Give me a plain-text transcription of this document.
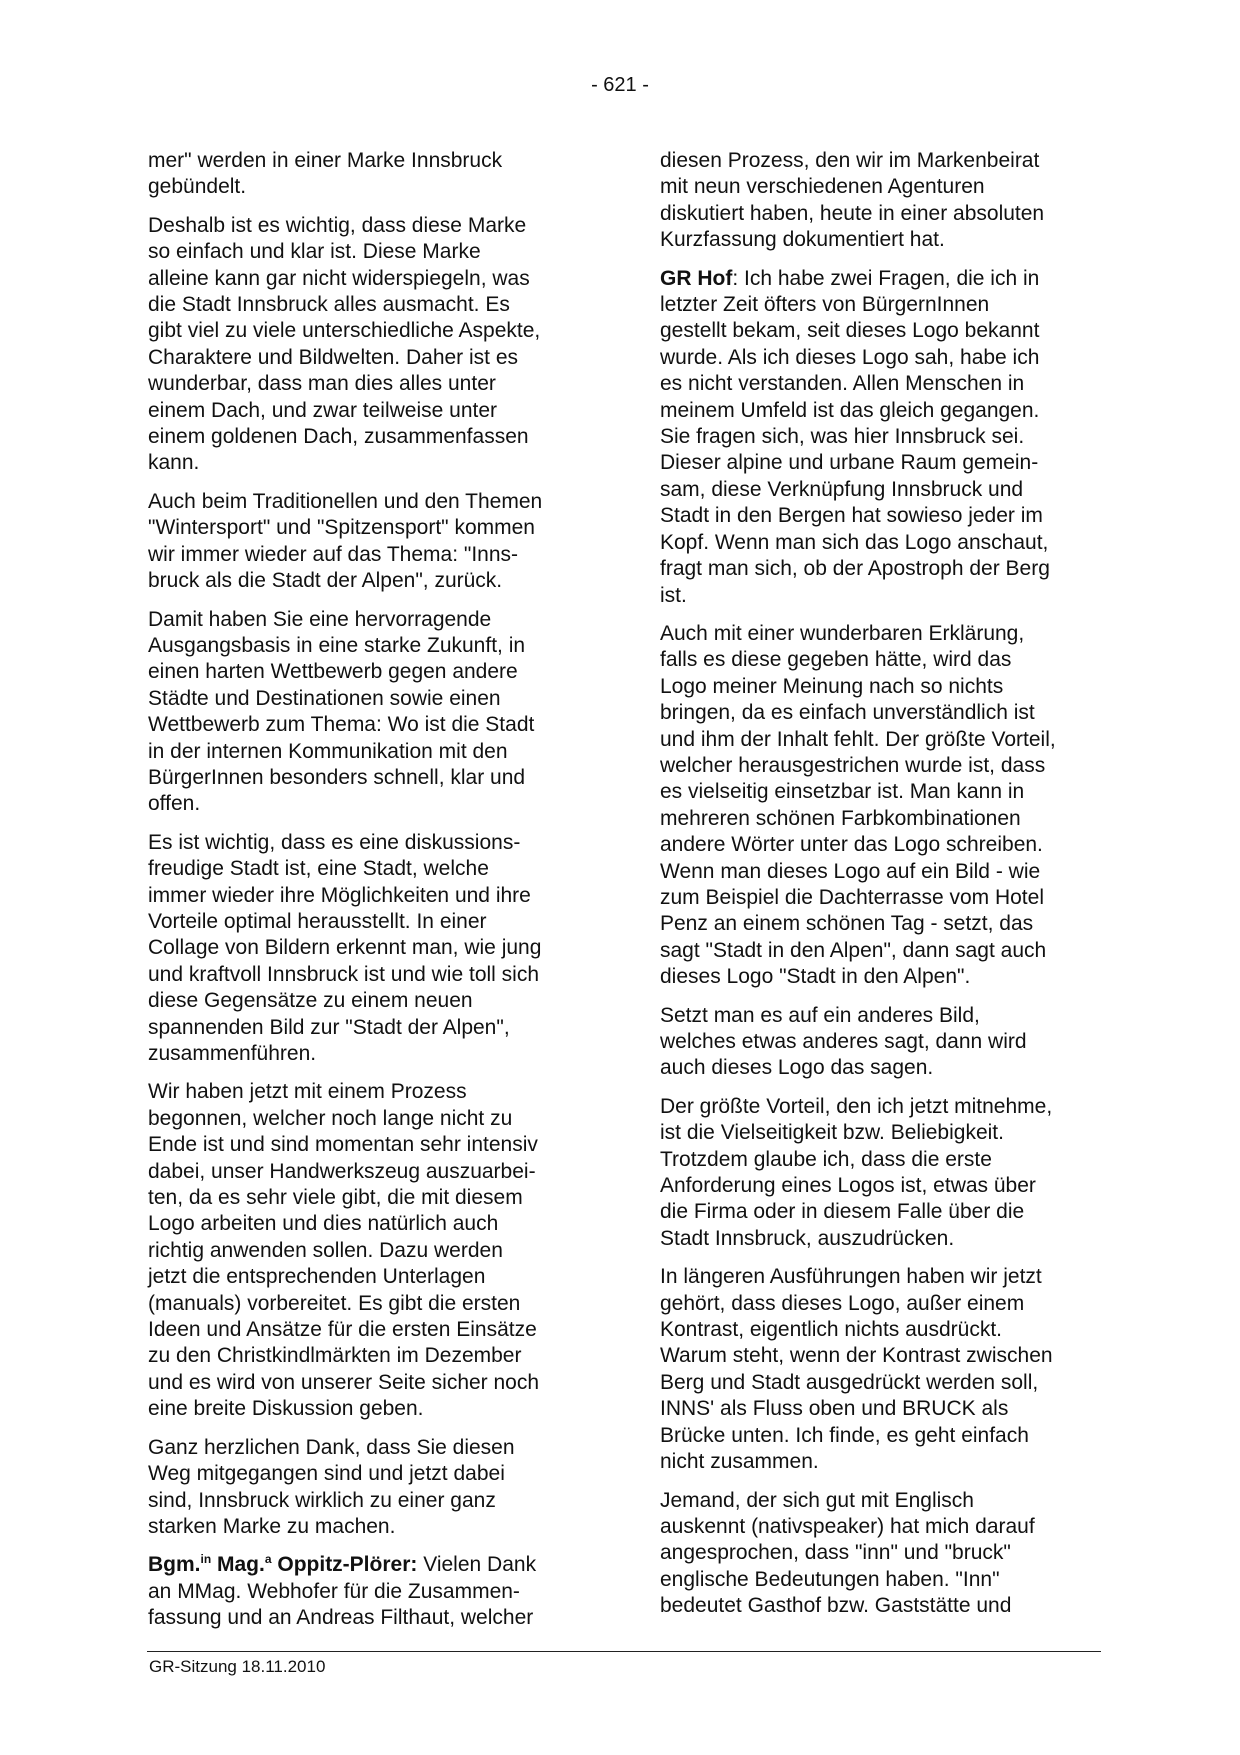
- 621 -

mer" werden in einer Marke Innsbruck
gebündelt.

Deshalb ist es wichtig, dass diese Marke
so einfach und klar ist. Diese Marke
alleine kann gar nicht widerspiegeln, was
die Stadt Innsbruck alles ausmacht. Es
gibt viel zu viele unterschiedliche Aspekte,
Charaktere und Bildwelten. Daher ist es
wunderbar, dass man dies alles unter
einem Dach, und zwar teilweise unter
einem goldenen Dach, zusammenfassen
kann.

Auch beim Traditionellen und den Themen
"Wintersport" und "Spitzensport" kommen
wir immer wieder auf das Thema: "Inns-
bruck als die Stadt der Alpen", zurück.

Damit haben Sie eine hervorragende
Ausgangsbasis in eine starke Zukunft, in
einen harten Wettbewerb gegen andere
Städte und Destinationen sowie einen
Wettbewerb zum Thema: Wo ist die Stadt
in der internen Kommunikation mit den
BürgerInnen besonders schnell, klar und
offen.

Es ist wichtig, dass es eine diskussions-
freudige Stadt ist, eine Stadt, welche
immer wieder ihre Möglichkeiten und ihre
Vorteile optimal herausstellt. In einer
Collage von Bildern erkennt man, wie jung
und kraftvoll Innsbruck ist und wie toll sich
diese Gegensätze zu einem neuen
spannenden Bild zur "Stadt der Alpen",
zusammenführen.

Wir haben jetzt mit einem Prozess
begonnen, welcher noch lange nicht zu
Ende ist und sind momentan sehr intensiv
dabei, unser Handwerkszeug auszuarbei-
ten, da es sehr viele gibt, die mit diesem
Logo arbeiten und dies natürlich auch
richtig anwenden sollen. Dazu werden
jetzt die entsprechenden Unterlagen
(manuals) vorbereitet. Es gibt die ersten
Ideen und Ansätze für die ersten Einsätze
zu den Christkindlmärkten im Dezember
und es wird von unserer Seite sicher noch
eine breite Diskussion geben.

Ganz herzlichen Dank, dass Sie diesen
Weg mitgegangen sind und jetzt dabei
sind, Innsbruck wirklich zu einer ganz
starken Marke zu machen.

Bgm.$^{in}$ Mag.$^a$ Oppitz-Plörer: Vielen Dank
an MMag. Webhofer für die Zusammen-
fassung und an Andreas Filthaut, welcher

diesen Prozess, den wir im Markenbeirat
mit neun verschiedenen Agenturen
diskutiert haben, heute in einer absoluten
Kurzfassung dokumentiert hat.

GR Hof: Ich habe zwei Fragen, die ich in
letzter Zeit öfters von BürgernInnen
gestellt bekam, seit dieses Logo bekannt
wurde. Als ich dieses Logo sah, habe ich
es nicht verstanden. Allen Menschen in
meinem Umfeld ist das gleich gegangen.
Sie fragen sich, was hier Innsbruck sei.
Dieser alpine und urbane Raum gemein-
sam, diese Verknüpfung Innsbruck und
Stadt in den Bergen hat sowieso jeder im
Kopf. Wenn man sich das Logo anschaut,
fragt man sich, ob der Apostroph der Berg
ist.

Auch mit einer wunderbaren Erklärung,
falls es diese gegeben hätte, wird das
Logo meiner Meinung nach so nichts
bringen, da es einfach unverständlich ist
und ihm der Inhalt fehlt. Der größte Vorteil,
welcher herausgestrichen wurde ist, dass
es vielseitig einsetzbar ist. Man kann in
mehreren schönen Farbkombinationen
andere Wörter unter das Logo schreiben.
Wenn man dieses Logo auf ein Bild - wie
zum Beispiel die Dachterrasse vom Hotel
Penz an einem schönen Tag - setzt, das
sagt "Stadt in den Alpen", dann sagt auch
dieses Logo "Stadt in den Alpen".

Setzt man es auf ein anderes Bild,
welches etwas anderes sagt, dann wird
auch dieses Logo das sagen.

Der größte Vorteil, den ich jetzt mitnehme,
ist die Vielseitigkeit bzw. Beliebigkeit.
Trotzdem glaube ich, dass die erste
Anforderung eines Logos ist, etwas über
die Firma oder in diesem Falle über die
Stadt Innsbruck, auszudrücken.

In längeren Ausführungen haben wir jetzt
gehört, dass dieses Logo, außer einem
Kontrast, eigentlich nichts ausdrückt.
Warum steht, wenn der Kontrast zwischen
Berg und Stadt ausgedrückt werden soll,
INNS' als Fluss oben und BRUCK als
Brücke unten. Ich finde, es geht einfach
nicht zusammen.

Jemand, der sich gut mit Englisch
auskennt (nativspeaker) hat mich darauf
angesprochen, dass "inn" und "bruck"
englische Bedeutungen haben. "Inn"
bedeutet Gasthof bzw. Gaststätte und

GR-Sitzung 18.11.2010
